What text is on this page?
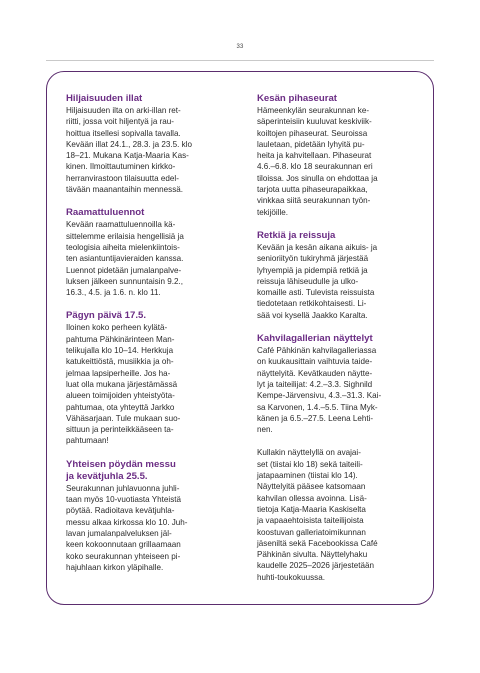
33
Hiljaisuuden illat

Hiljaisuuden ilta on arki-illan ret-
riitti, jossa voit hiljentyä ja rau-
hoittua itsellesi sopivalla tavalla.
Kevään illat 24.1., 28.3. ja 23.5. klo
18–21. Mukana Katja-Maaria Kas-
kinen. Ilmoittautuminen kirkko-
herranvirastoon tilaisuutta edel-
tävään maanantaihin mennessä.

Raamattuluennot

Kevään raamattuluennoilla kä-
sittelemme erilaisia hengellisiä ja
teologisia aiheita mielenkiintois-
ten asiantuntijavieraiden kanssa.
Luennot pidetään jumalanpalve-
luksen jälkeen sunnuntaisin 9.2.,
16.3., 4.5. ja 1.6. n. klo 11.

Pägyn päivä 17.5.

Iloinen koko perheen kylätä-
pahtuma Pähkinärinteen Man-
telikujalla klo 10–14. Herkkuja
katukeittiöstä, musiikkia ja oh-
jelmaa lapsiperheille. Jos ha-
luat olla mukana järjestämässä
alueen toimijoiden yhteistyöta-
pahtumaa, ota yhteyttä Jarkko
Vähäsarjaan. Tule mukaan suo-
sittuun ja perinteikkääseen ta-
pahtumaan!

Yhteisen pöydän messu
ja kevätjuhla 25.5.

Seurakunnan juhlavuonna juhli-
taan myös 10-vuotiasta Yhteistä
pöytää. Radioitava kevätjuhla-
messu alkaa kirkossa klo 10. Juh-
lavan jumalanpalveluksen jäl-
keen kokoonnutaan grillaamaan
koko seurakunnan yhteiseen pi-
hajuhlaan kirkon yläpihalle.

Kesän pihaseurat

Hämeenkylän seurakunnan ke-
säperinteisiin kuuluvat keskiviik-
koiltojen pihaseurat. Seuroissa
lauletaan, pidetään lyhyitä pu-
heita ja kahvitellaan. Pihaseurat
4.6.–6.8. klo 18 seurakunnan eri
tiloissa. Jos sinulla on ehdottaa ja
tarjota uutta pihaseurapaikkaa,
vinkkaa siitä seurakunnan työn-
tekijöille.

Retkiä ja reissuja

Kevään ja kesän aikana aikuis- ja
senioriityön tukiryhmä järjestää
lyhyempiä ja pidempiä retkiä ja
reissuja lähiseudulle ja ulko-
komaille asti. Tulevista reissuista
tiedotetaan retkikohtaisesti. Li-
sää voi kysellä Jaakko Karalta.

Kahvilagallerian näyttelyt

Café Pähkinän kahvilagalleriassa
on kuukausittain vaihtuvia taide-
näyttelyitä. Kevätkauden näytte-
lyt ja taiteilijat: 4.2.–3.3. Sighnild
Kempe-Järvensivu, 4.3.–31.3. Kai-
sa Karvonen, 1.4.–5.5. Tiina Myk-
känen ja 6.5.–27.5. Leena Lehti-
nen.

Kullakin näyttelyllä on avajai-
set (tiistai klo 18) sekä taiteili-
jatapaaminen (tiistai klo 14).
Näyttelyitä pääsee katsomaan
kahvilan ollessa avoinna. Lisä-
tietoja Katja-Maaria Kaskiselta
ja vapaaehtoisista taiteilijoista
koostuvan galleriatoimikunnan
jäseniltä sekä Facebookissa Café
Pähkinän sivulta. Näyttelyhaku
kaudelle 2025–2026 järjestetään
huhti-toukokuussa.
